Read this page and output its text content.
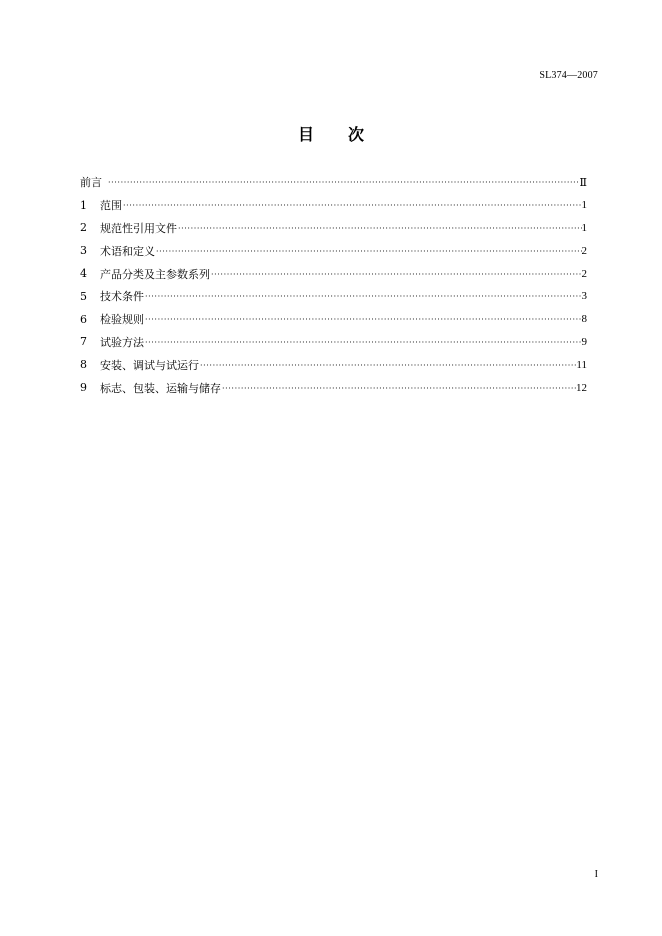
SL374—2007
目 次
前言 ·····	Ⅱ
1	范围 ·····	1
2	规范性引用文件 ·····	1
3	术语和定义 ·····	2
4	产品分类及主参数系列 ·····	2
5	技术条件 ·····	3
6	检验规则 ·····	8
7	试验方法 ·····	9
8	安装、调试与试运行 ·····	11
9	标志、包装、运输与储存 ·····	12
I
